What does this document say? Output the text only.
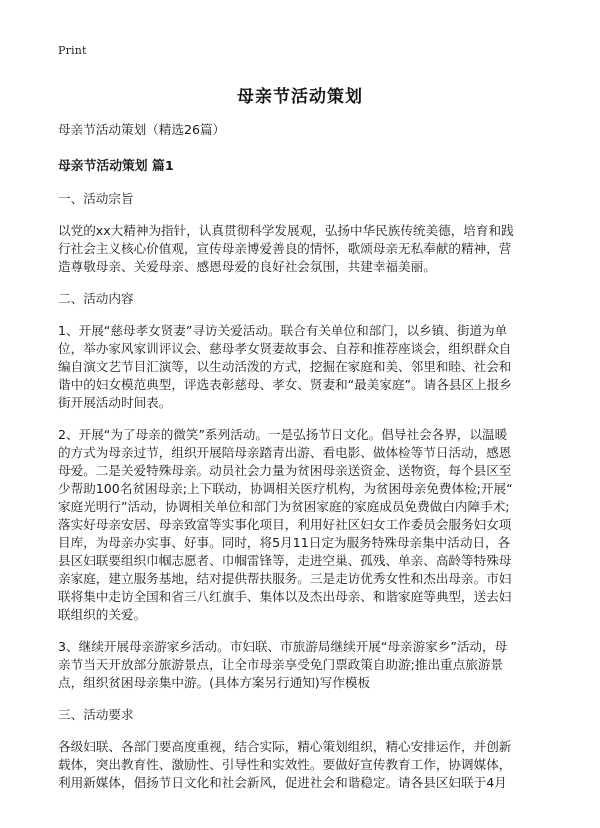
Print
母亲节活动策划

母亲节活动策划（精选26篇）

母亲节活动策划 篇1

一、活动宗旨

以党的xx大精神为指针，认真贯彻科学发展观，弘扬中华民族传统美德，培育和践

行社会主义核心价值观，宣传母亲博爱善良的情怀，歌颂母亲无私奉献的精神，营

造尊敬母亲、关爱母亲、感恩母爱的良好社会氛围，共建幸福美丽。

二、活动内容

1、开展“慈母孝女贤妻”寻访关爱活动。联合有关单位和部门，以乡镇、街道为单

位，举办家风家训评议会、慈母孝女贤妻故事会、自荐和推荐座谈会，组织群众自

编自演文艺节目汇演等，以生动活泼的方式，挖掘在家庭和美、邻里和睦、社会和

谐中的妇女模范典型，评选表彰慈母、孝女、贤妻和“最美家庭”。请各县区上报乡

街开展活动时间表。

2、开展“为了母亲的微笑”系列活动。一是弘扬节日文化。倡导社会各界，以温暖

的方式为母亲过节，组织开展陪母亲踏青出游、看电影、做体检等节日活动，感恩

母爱。二是关爱特殊母亲。动员社会力量为贫困母亲送资金、送物资，每个县区至

少帮助100名贫困母亲;上下联动，协调相关医疗机构，为贫困母亲免费体检;开展“

家庭光明行”活动，协调相关单位和部门为贫困家庭的家庭成员免费做白内障手术;

落实好母亲安居、母亲致富等实事化项目，利用好社区妇女工作委员会服务妇女项

目库，为母亲办实事、好事。同时，将5月11日定为服务特殊母亲集中活动日，各

县区妇联要组织巾帼志愿者、巾帼雷锋等，走进空巢、孤残、单亲、高龄等特殊母

亲家庭，建立服务基地，结对提供帮扶服务。三是走访优秀女性和杰出母亲。市妇

联将集中走访全国和省三八红旗手、集体以及杰出母亲、和谐家庭等典型，送去妇

联组织的关爱。

3、继续开展母亲游家乡活动。市妇联、市旅游局继续开展“母亲游家乡”活动，母

亲节当天开放部分旅游景点，让全市母亲享受免门票政策自助游;推出重点旅游景

点，组织贫困母亲集中游。(具体方案另行通知)写作模板

三、活动要求

各级妇联、各部门要高度重视，结合实际，精心策划组织，精心安排运作，并创新

载体，突出教育性、激励性、引导性和实效性。要做好宣传教育工作，协调媒体，

利用新媒体，倡扬节日文化和社会新风，促进社会和谐稳定。请各县区妇联于4月
